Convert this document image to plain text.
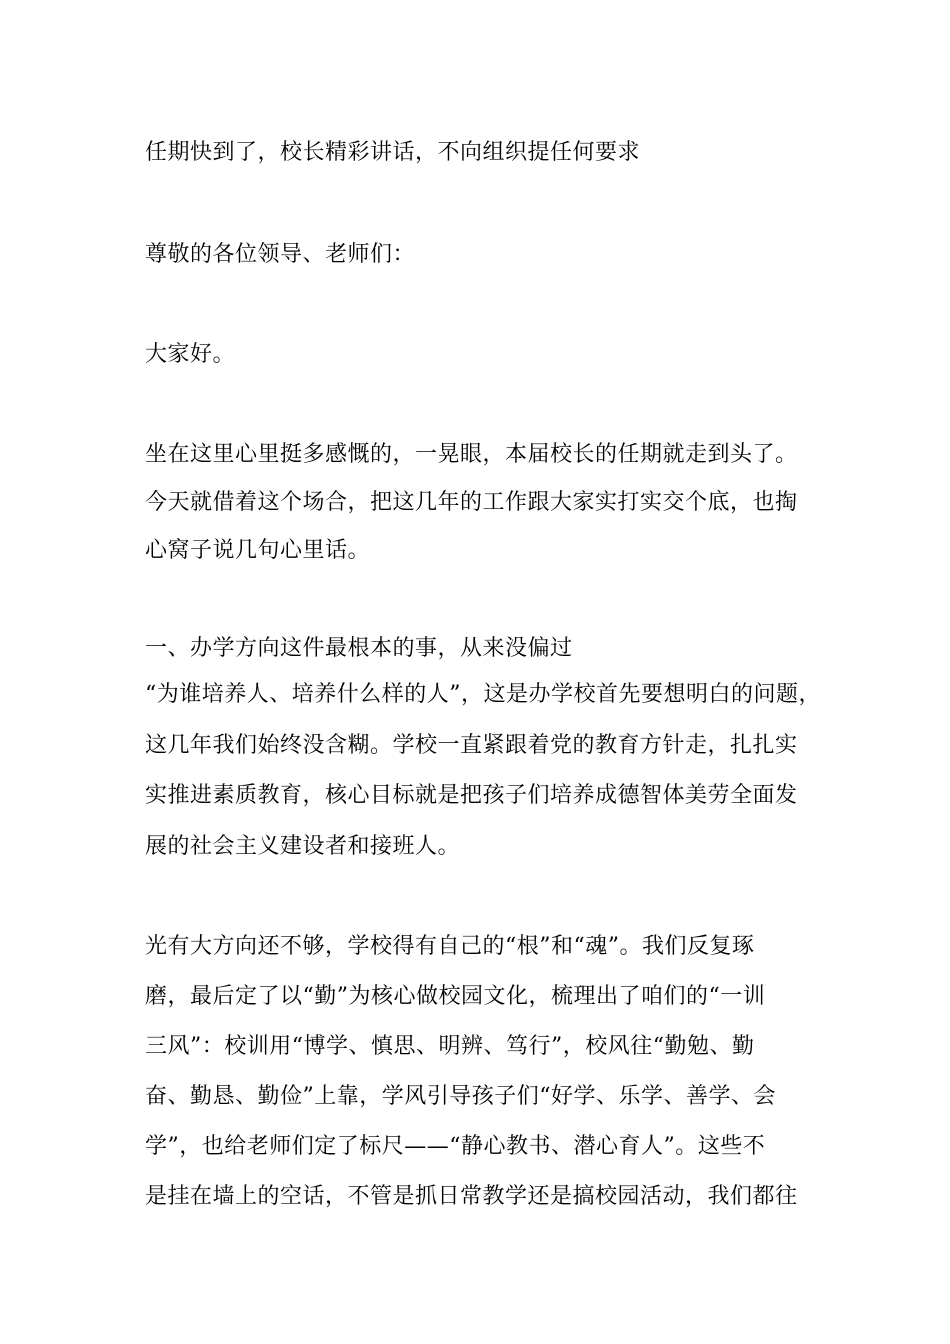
任期快到了，校长精彩讲话，不向组织提任何要求
尊敬的各位领导、老师们：
大家好。
坐在这里心里挺多感慨的，一晃眼，本届校长的任期就走到头了。
今天就借着这个场合，把这几年的工作跟大家实打实交个底，也掏
心窝子说几句心里话。
一、办学方向这件最根本的事，从来没偏过
“为谁培养人、培养什么样的人”，这是办学校首先要想明白的问题，
这几年我们始终没含糊。学校一直紧跟着党的教育方针走，扎扎实
实推进素质教育，核心目标就是把孩子们培养成德智体美劳全面发
展的社会主义建设者和接班人。
光有大方向还不够，学校得有自己的“根”和“魂”。我们反复琢
磨，最后定了以“勤”为核心做校园文化，梳理出了咱们的“一训
三风”：校训用“博学、慎思、明辨、笃行”，校风往“勤勉、勤
奋、勤恳、勤俭”上靠，学风引导孩子们“好学、乐学、善学、会
学”，也给老师们定了标尺——“静心教书、潜心育人”。这些不
是挂在墙上的空话，不管是抓日常教学还是搞校园活动，我们都往
